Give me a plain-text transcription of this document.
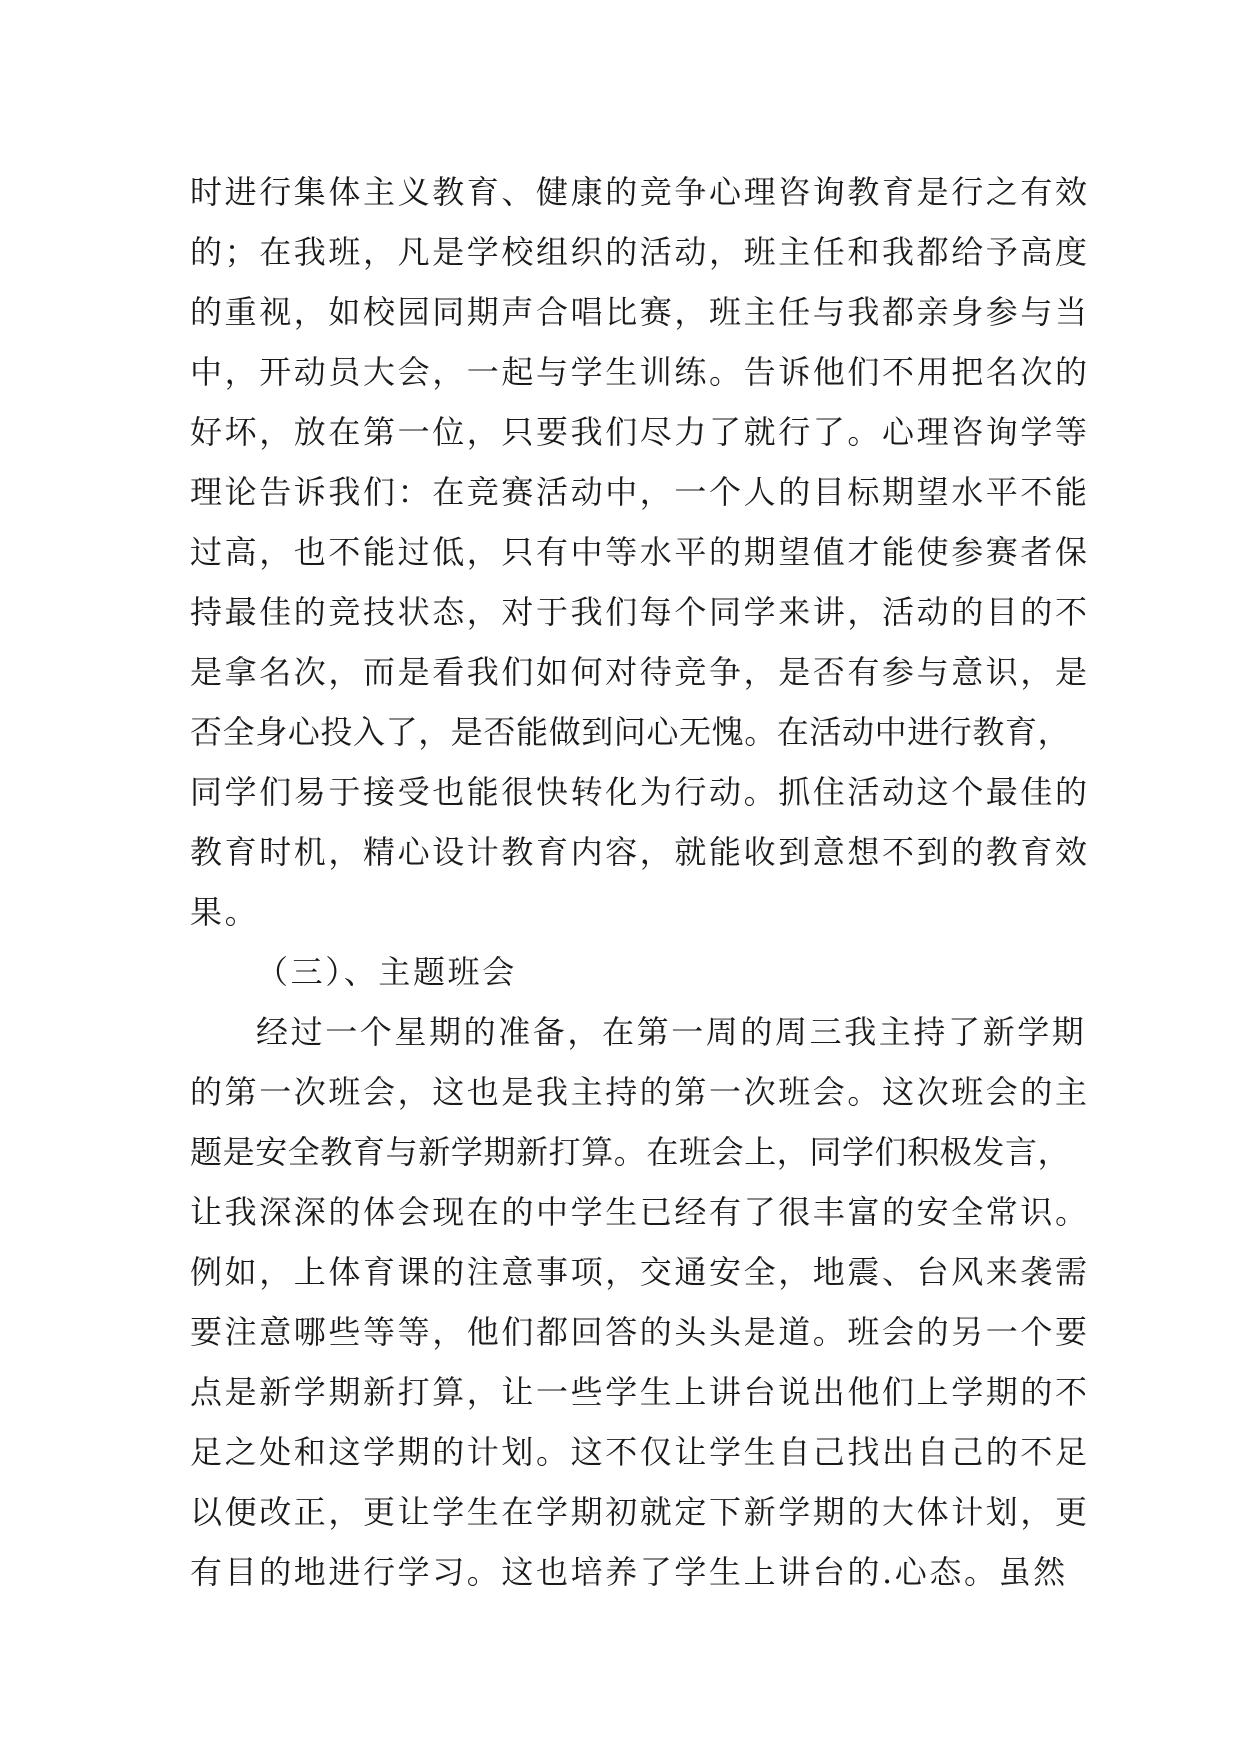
时进行集体主义教育、健康的竞争心理咨询教育是行之有效
的；在我班，凡是学校组织的活动，班主任和我都给予高度
的重视，如校园同期声合唱比赛，班主任与我都亲身参与当
中，开动员大会，一起与学生训练。告诉他们不用把名次的
好坏，放在第一位，只要我们尽力了就行了。心理咨询学等
理论告诉我们：在竞赛活动中，一个人的目标期望水平不能
过高，也不能过低，只有中等水平的期望值才能使参赛者保
持最佳的竞技状态，对于我们每个同学来讲，活动的目的不
是拿名次，而是看我们如何对待竞争，是否有参与意识，是
否全身心投入了，是否能做到问心无愧。在活动中进行教育，
同学们易于接受也能很快转化为行动。抓住活动这个最佳的
教育时机，精心设计教育内容，就能收到意想不到的教育效
果。
（三）、主题班会
经过一个星期的准备，在第一周的周三我主持了新学期
的第一次班会，这也是我主持的第一次班会。这次班会的主
题是安全教育与新学期新打算。在班会上，同学们积极发言，
让我深深的体会现在的中学生已经有了很丰富的安全常识。
例如，上体育课的注意事项，交通安全，地震、台风来袭需
要注意哪些等等，他们都回答的头头是道。班会的另一个要
点是新学期新打算，让一些学生上讲台说出他们上学期的不
足之处和这学期的计划。这不仅让学生自己找出自己的不足
以便改正，更让学生在学期初就定下新学期的大体计划，更
有目的地进行学习。这也培养了学生上讲台的.心态。虽然
